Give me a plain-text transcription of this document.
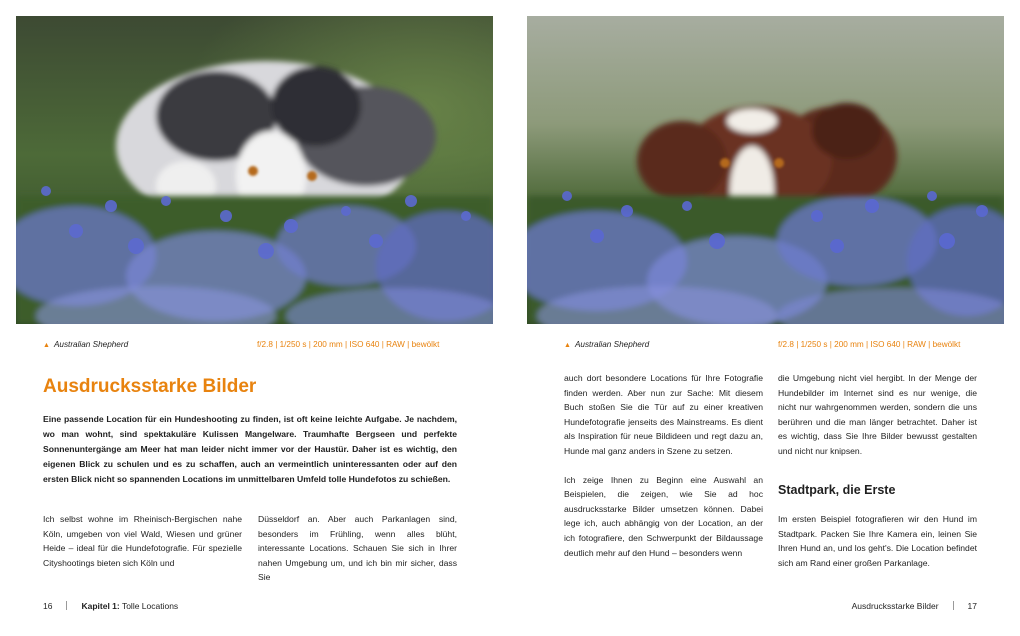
▲ Australian Shepherd	f/2.8 | 1/250 s | 200 mm | ISO 640 | RAW | bewölkt	▲ Australian Shepherd	f/2.8 | 1/250 s | 200 mm | ISO 640 | RAW | bewölkt
Ausdrucksstarke Bilder

Eine passende Location für ein Hundeshooting zu finden, ist oft keine leichte Aufgabe. Je nachdem, wo man wohnt, sind spektakuläre Kulissen Mangelware. Traumhafte Bergseen und perfekte Sonnenuntergänge am Meer hat man leider nicht immer vor der Haustür. Daher ist es wichtig, den eigenen Blick zu schulen und es zu schaffen, auch an vermeintlich uninteressanten oder auf den ersten Blick nicht so spannenden Locations im unmittelbaren Umfeld tolle Hundefotos zu schießen.

Ich selbst wohne im Rheinisch-Bergischen nahe Köln, umgeben von viel Wald, Wiesen und grüner Heide – ideal für die Hundefotografie. Für spezielle Cityshootings bieten sich Köln und

Düsseldorf an. Aber auch Parkanlagen sind, besonders im Frühling, wenn alles blüht, interessante Locations. Schauen Sie sich in Ihrer nahen Umgebung um, und ich bin mir sicher, dass Sie

auch dort besondere Locations für Ihre Fotografie finden werden. Aber nun zur Sache: Mit diesem Buch stoßen Sie die Tür auf zu einer kreativen Hundefotografie jenseits des Mainstreams. Es dient als Inspiration für neue Bildideen und regt dazu an, Hunde mal ganz anders in Szene zu setzen.

Ich zeige Ihnen zu Beginn eine Auswahl an Beispielen, die zeigen, wie Sie ad hoc ausdrucksstarke Bilder umsetzen können. Dabei lege ich, auch abhängig von der Location, an der ich fotografiere, den Schwerpunkt der Bildaussage deutlich mehr auf den Hund – besonders wenn

die Umgebung nicht viel hergibt. In der Menge der Hundebilder im Internet sind es nur wenige, die nicht nur wahrgenommen werden, sondern die uns berühren und die man länger betrachtet. Daher ist es wichtig, dass Sie Ihre Bilder bewusst gestalten und nicht nur knipsen.

Stadtpark, die Erste

Im ersten Beispiel fotografieren wir den Hund im Stadtpark. Packen Sie Ihre Kamera ein, leinen Sie Ihren Hund an, und los geht's. Die Location befindet sich am Rand einer großen Parkanlage.

16	Kapitel 1: Tolle Locations	Ausdrucksstarke Bilder	17
